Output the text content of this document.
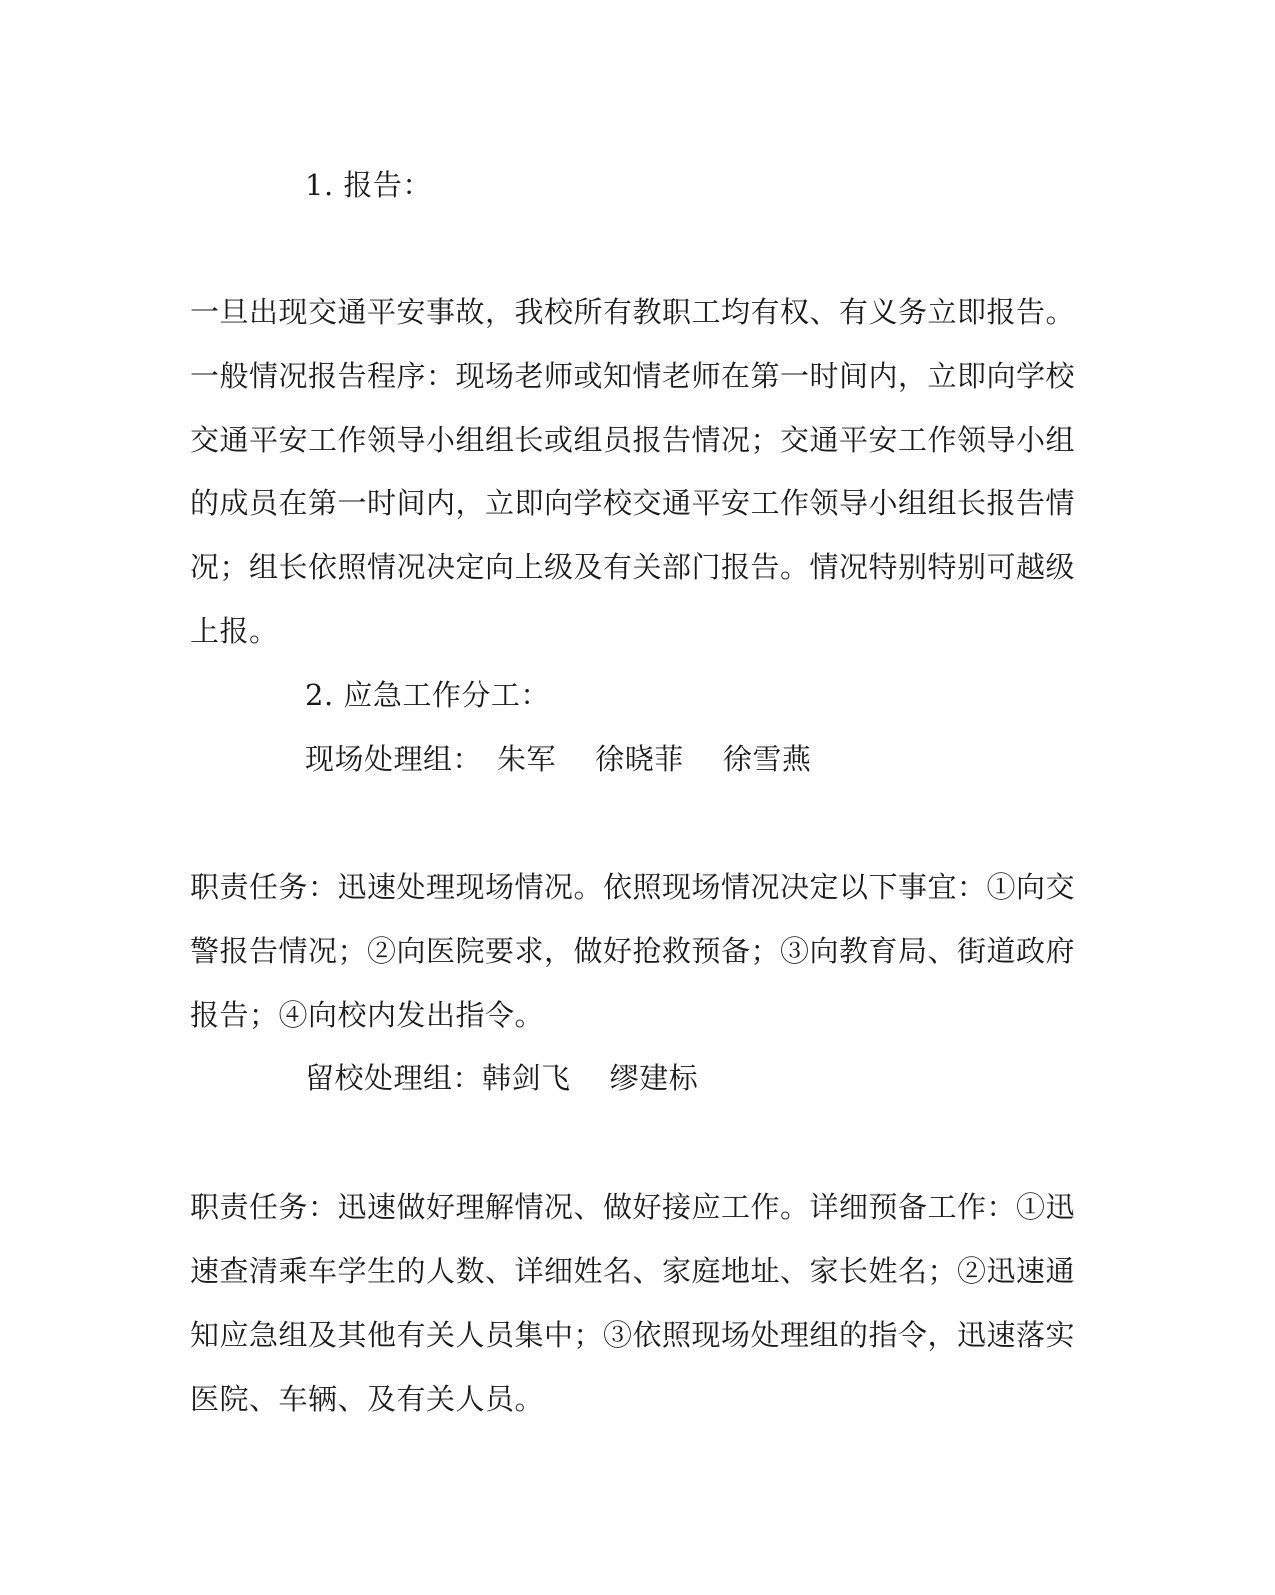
1. 报告：
一旦出现交通平安事故，我校所有教职工均有权、有义务立即报告。
一般情况报告程序：现场老师或知情老师在第一时间内，立即向学校
交通平安工作领导小组组长或组员报告情况；交通平安工作领导小组
的成员在第一时间内，立即向学校交通平安工作领导小组组长报告情
况；组长依照情况决定向上级及有关部门报告。情况特别特别可越级
上报。
2. 应急工作分工：
现场处理组：　朱军　 徐晓菲　 徐雪燕
职责任务：迅速处理现场情况。依照现场情况决定以下事宜：①向交
警报告情况；②向医院要求，做好抢救预备；③向教育局、街道政府
报告；④向校内发出指令。
留校处理组：韩剑飞　 缪建标
职责任务：迅速做好理解情况、做好接应工作。详细预备工作：①迅
速查清乘车学生的人数、详细姓名、家庭地址、家长姓名；②迅速通
知应急组及其他有关人员集中；③依照现场处理组的指令，迅速落实
医院、车辆、及有关人员。
